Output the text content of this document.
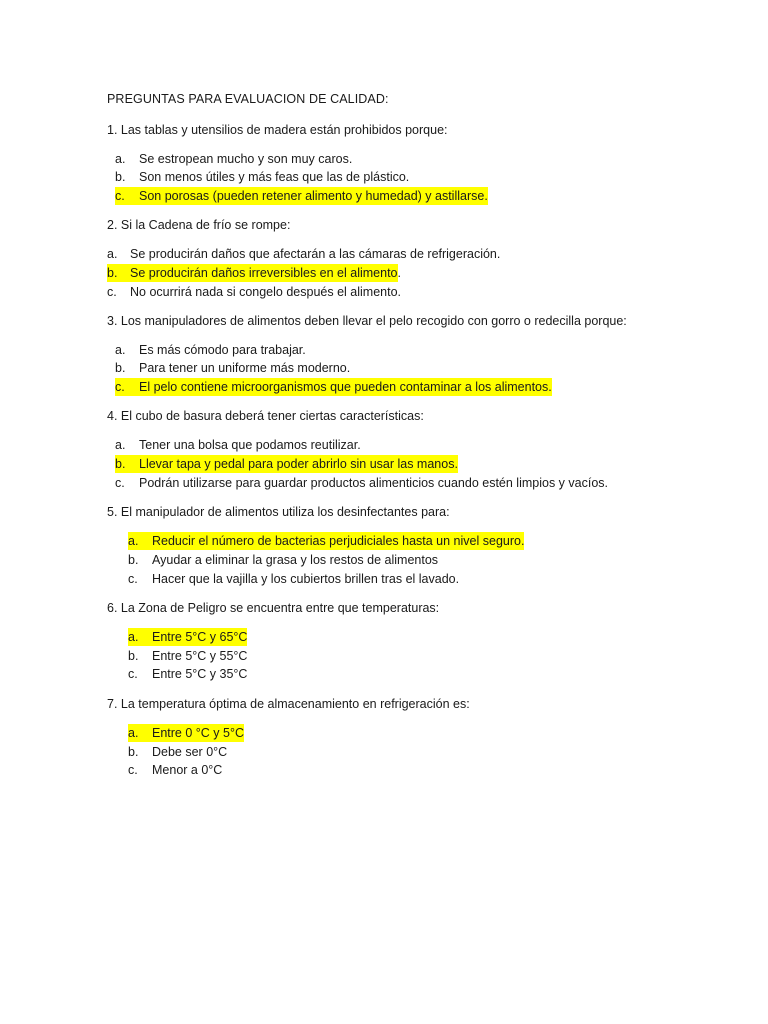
PREGUNTAS PARA EVALUACION DE CALIDAD:
1. Las tablas y utensilios de madera están prohibidos porque:
a. Se estropean mucho y son muy caros.
b. Son menos útiles y más feas que las de plástico.
c. Son porosas (pueden retener alimento y humedad) y astillarse.
2. Si la Cadena de frío se rompe:
a. Se producirán daños que afectarán a las cámaras de refrigeración.
b. Se producirán daños irreversibles en el alimento.
c. No ocurrirá nada si congelo después el alimento.
3. Los manipuladores de alimentos deben llevar el pelo recogido con gorro o redecilla porque:
a. Es más cómodo para trabajar.
b. Para tener un uniforme más moderno.
c. El pelo contiene microorganismos que pueden contaminar a los alimentos.
4. El cubo de basura deberá tener ciertas características:
a. Tener una bolsa que podamos reutilizar.
b. Llevar tapa y pedal para poder abrirlo sin usar las manos.
c. Podrán utilizarse para guardar productos alimenticios cuando estén limpios y vacíos.
5. El manipulador de alimentos utiliza los desinfectantes para:
a. Reducir el número de bacterias perjudiciales hasta un nivel seguro.
b. Ayudar a eliminar la grasa y los restos de alimentos
c. Hacer que la vajilla y los cubiertos brillen tras el lavado.
6. La Zona de Peligro se encuentra entre que temperaturas:
a. Entre 5°C y 65°C
b. Entre 5°C y 55°C
c. Entre 5°C y 35°C
7. La temperatura óptima de almacenamiento en refrigeración es:
a. Entre 0 °C y 5°C
b. Debe ser 0°C
c. Menor a 0°C
